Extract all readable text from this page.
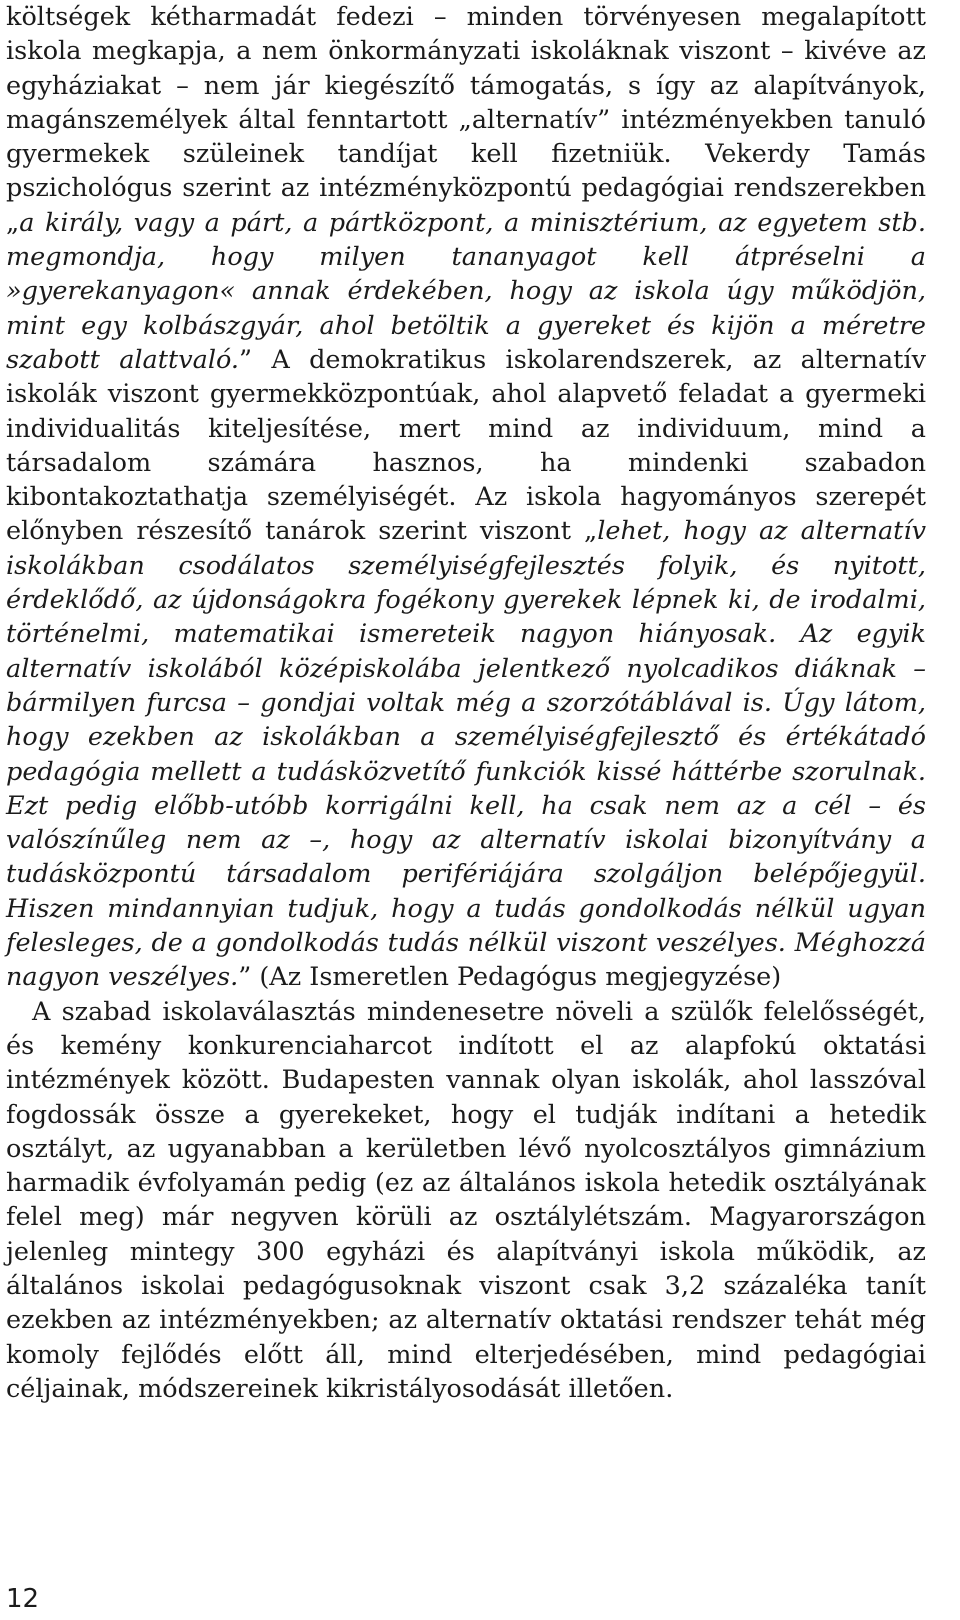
költségek kétharmadát fedezi – minden törvényesen megalapított iskola megkapja, a nem önkormányzati iskoláknak viszont – kivéve az egyháziakat – nem jár kiegészítő támogatás, s így az alapítványok, magánszemélyek által fenntartott „alternatív” intézményekben tanuló gyermekek szüleinek tandíjat kell fizetniük. Vekerdy Tamás pszichológus szerint az intézményközpontú pedagógiai rendszerekben „a király, vagy a párt, a pártközpont, a minisztérium, az egyetem stb. megmondja, hogy milyen tananyagot kell átpréselni a »gyerekanyagon« annak érdekében, hogy az iskola úgy működjön, mint egy kolbászgyár, ahol betöltik a gyereket és kijön a méretre szabott alattvaló.” A demokratikus iskolarendszerek, az alternatív iskolák viszont gyermekközpontúak, ahol alapvető feladat a gyermeki individualitás kiteljesítése, mert mind az individuum, mind a társadalom számára hasznos, ha mindenki szabadon kibontakoztathatja személyiségét. Az iskola hagyományos szerepét előnyben részesítő tanárok szerint viszont „lehet, hogy az alternatív iskolákban csodálatos személyiségfejlesztés folyik, és nyitott, érdeklődő, az újdonságokra fogékony gyerekek lépnek ki, de irodalmi, történelmi, matematikai ismereteik nagyon hiányosak. Az egyik alternatív iskolából középiskolába jelentkező nyolcadikos diáknak – bármilyen furcsa – gondjai voltak még a szorzótáblával is. Úgy látom, hogy ezekben az iskolákban a személyiségfejlesztő és értékátadó pedagógia mellett a tudásközvetítő funkciók kissé háttérbe szorulnak. Ezt pedig előbb-utóbb korrigálni kell, ha csak nem az a cél – és valószínűleg nem az –, hogy az alternatív iskolai bizonyítvány a tudásközpontú társadalom perifériájára szolgáljon belépőjegyül. Hiszen mindannyian tudjuk, hogy a tudás gondolkodás nélkül ugyan felesleges, de a gondolkodás tudás nélkül viszont veszélyes. Méghozzá nagyon veszélyes.” (Az Ismeretlen Pedagógus megjegyzése)

A szabad iskolaválasztás mindenesetre növeli a szülők felelősségét, és kemény konkurenciaharcot indított el az alapfokú oktatási intézmények között. Budapesten vannak olyan iskolák, ahol lasszóval fogdossák össze a gyerekeket, hogy el tudják indítani a hetedik osztályt, az ugyanabban a kerületben lévő nyolcosztályos gimnázium harmadik évfolyamán pedig (ez az általános iskola hetedik osztályának felel meg) már negyven körüli az osztálylétszám. Magyarországon jelenleg mintegy 300 egyházi és alapítványi iskola működik, az általános iskolai pedagógusoknak viszont csak 3,2 százaléka tanít ezekben az intézményekben; az alternatív oktatási rendszer tehát még komoly fejlődés előtt áll, mind elterjedésében, mind pedagógiai céljainak, módszereinek kikristályosodását illetően.

12
